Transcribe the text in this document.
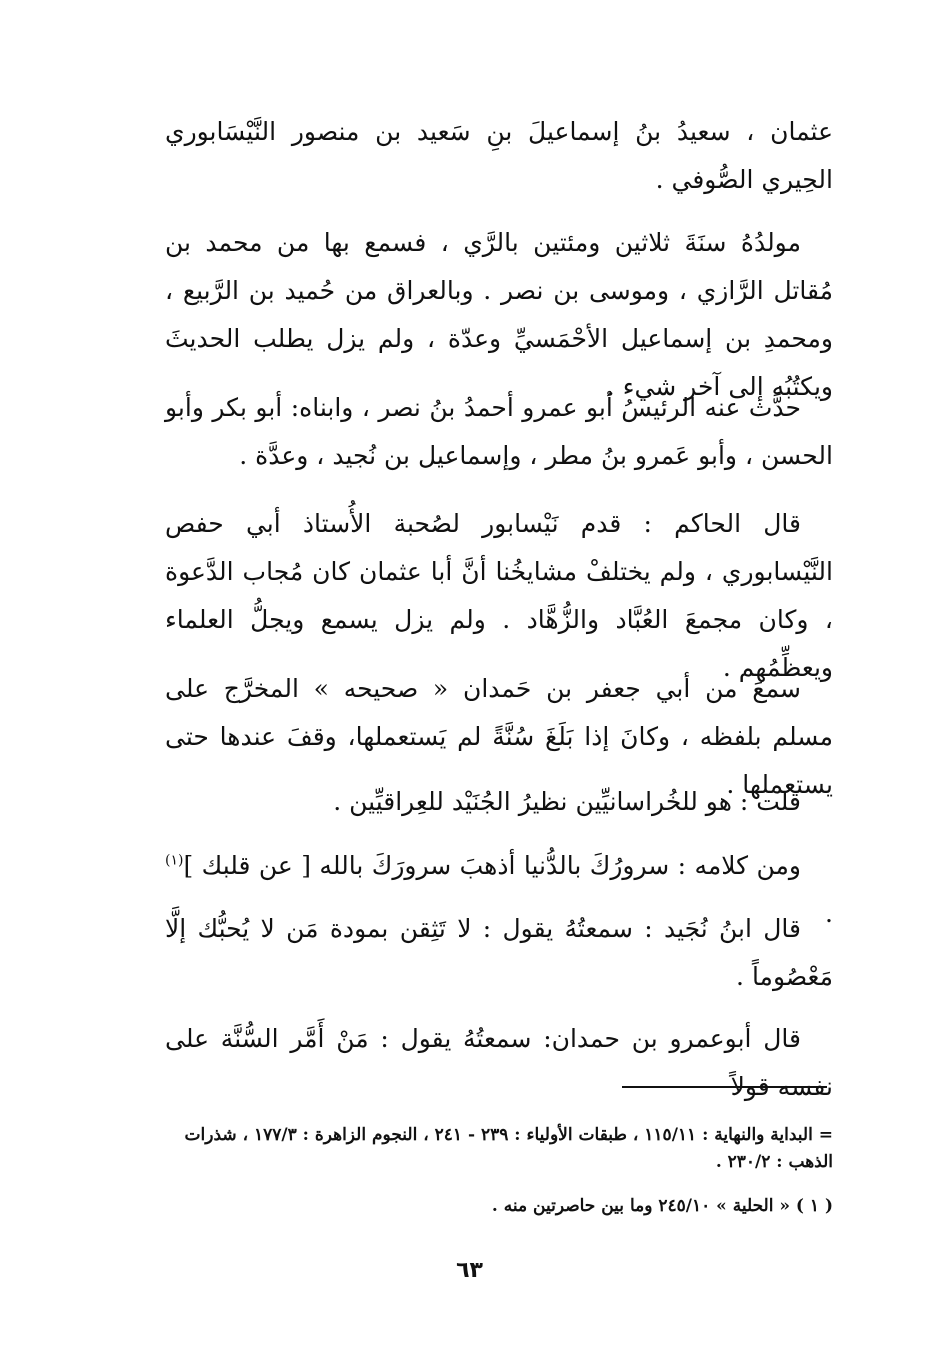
عثمان ، سعيدُ بنُ إسماعيلَ بنِ سَعيد بن منصور النَّيْسَابوري الحِيري الصُّوفي .

مولدُهُ سنَةَ ثلاثين ومئتين بالرَّي ، فسمع بها من محمد بن مُقاتل الرَّازي ، وموسى بن نصر . وبالعراق من حُميد بن الرَّبيع ، ومحمدِ بن إسماعيل الأحْمَسيِّ وعدّة ، ولم يزل يطلب الحديثَ ويكتُبُه إلى آخر شيء .

حدَّث عنه الرئيسُ أبو عمرو أحمدُ بنُ نصر ، وابناه: أبو بكر وأبو الحسن ، وأبو عَمرو بنُ مطر ، وإسماعيل بن نُجيد ، وعدَّة .

قال الحاكم : قدم نَيْسابور لصُحبة الأُستاذ أبي حفص النَّيْسابوري ، ولم يختلفْ مشايخُنا أنَّ أبا عثمان كان مُجاب الدَّعوة ، وكان مجمعَ العُبَّاد والزُّهَّاد . ولم يزل يسمع ويجلُّ العلماء ويعظِّمُهم .

سمعَ من أبي جعفر بن حَمدان « صحيحه » المخرَّج على مسلم بلفظه ، وكانَ إذا بَلَغَ سُنَّةً لم يَستعملها، وقفَ عندها حتى يستعملها .

قلت : هو للخُراسانيِّين نظيرُ الجُنَيْد للعِراقيِّين .

ومن كلامه : سرورُكَ بالدُّنيا أذهبَ سرورَكَ بالله [ عن قلبك ]$^{(١)}$ .

قال ابنُ نُجَيد : سمعتُهُ يقول : لا تَثِقن بمودة مَن لا يُحبُّك إلَّا مَعْصُوماً .

قال أبوعمرو بن حمدان: سمعتُهُ يقول : مَنْ أَمَّر السُّنَّة على نفسه قولاً

= البداية والنهاية : ١١٥/١١ ، طبقات الأولياء : ٢٣٩ - ٢٤١ ، النجوم الزاهرة : ١٧٧/٣ ، شذرات الذهب : ٢٣٠/٢ .
( ١ ) « الحلية » ٢٤٥/١٠ وما بين حاصرتين منه .
٦٣
